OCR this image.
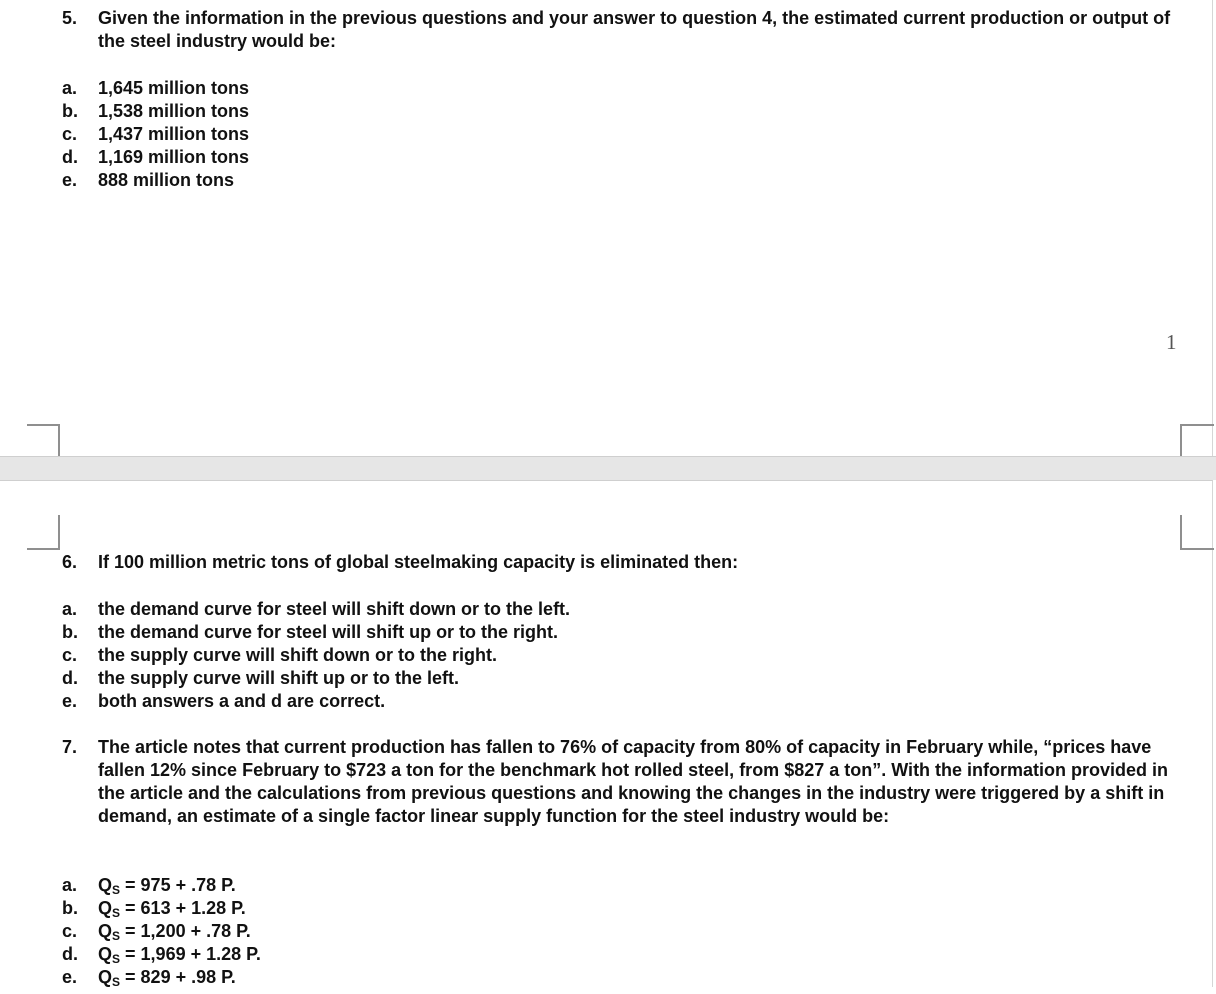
5. Given the information in the previous questions and your answer to question 4, the estimated current production or output of the steel industry would be:
a. 1,645 million tons
b. 1,538 million tons
c. 1,437 million tons
d. 1,169 million tons
e. 888 million tons
1
6. If 100 million metric tons of global steelmaking capacity is eliminated then:
a. the demand curve for steel will shift down or to the left.
b. the demand curve for steel will shift up or to the right.
c. the supply curve will shift down or to the right.
d. the supply curve will shift up or to the left.
e. both answers a and d are correct.
7. The article notes that current production has fallen to 76% of capacity from 80% of capacity in February while, “prices have fallen 12% since February to $723 a ton for the benchmark hot rolled steel, from $827 a ton”. With the information provided in the article and the calculations from previous questions and knowing the changes in the industry were triggered by a shift in demand, an estimate of a single factor linear supply function for the steel industry would be:
a. $Q_S = 975 + .78$ P.
b. $Q_S = 613 + 1.28$ P.
c. $Q_S = 1,200 + .78$ P.
d. $Q_S = 1,969 + 1.28$ P.
e. $Q_S = 829 + .98$ P.
